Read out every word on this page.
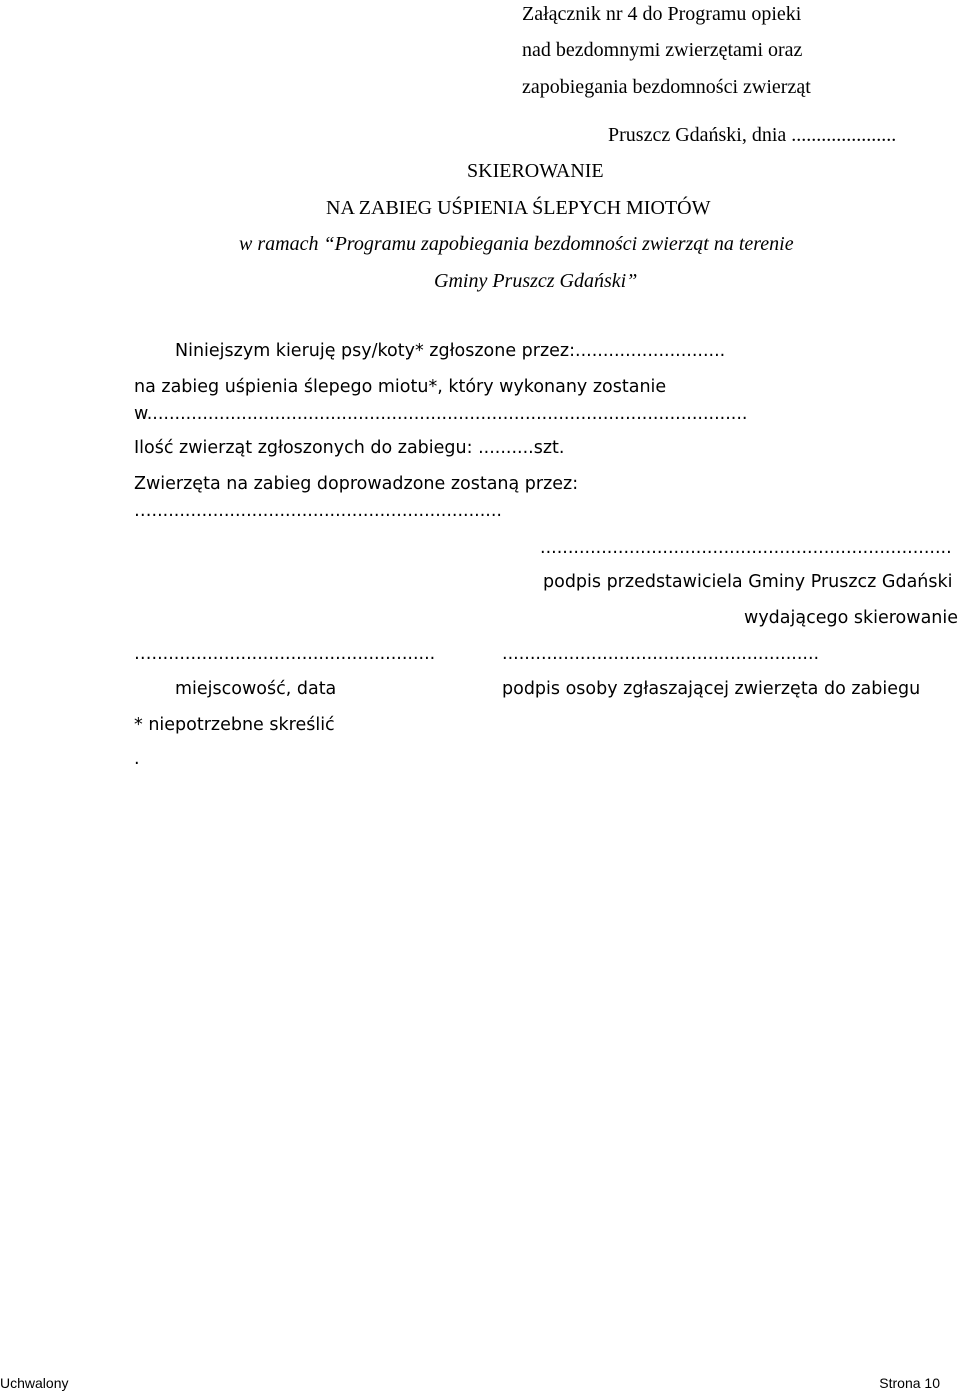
Załącznik nr 4 do Programu opieki
nad bezdomnymi zwierzętami oraz
zapobiegania bezdomności zwierząt
Pruszcz Gdański, dnia .....................
SKIEROWANIE
NA ZABIEG UŚPIENIA ŚLEPYCH MIOTÓW
w ramach “Programu zapobiegania bezdomności zwierząt na terenie
Gminy Pruszcz Gdański”
Niniejszym kieruję psy/koty* zgłoszone przez:...........................
na zabieg uśpienia ślepego miotu*, który wykonany zostanie
w............................................................................................................
Ilość zwierząt zgłoszonych do zabiegu: ..........szt.
Zwierzęta na zabieg doprowadzone zostaną przez:
…...............................................................
..........................................................................
podpis przedstawiciela Gminy Pruszcz Gdański
wydającego skierowanie
…...................................................	.........................................................
miejscowość, data	podpis osoby zgłaszającej zwierzęta do zabiegu
* niepotrzebne skreślić
.
Uchwalony	Strona 10
